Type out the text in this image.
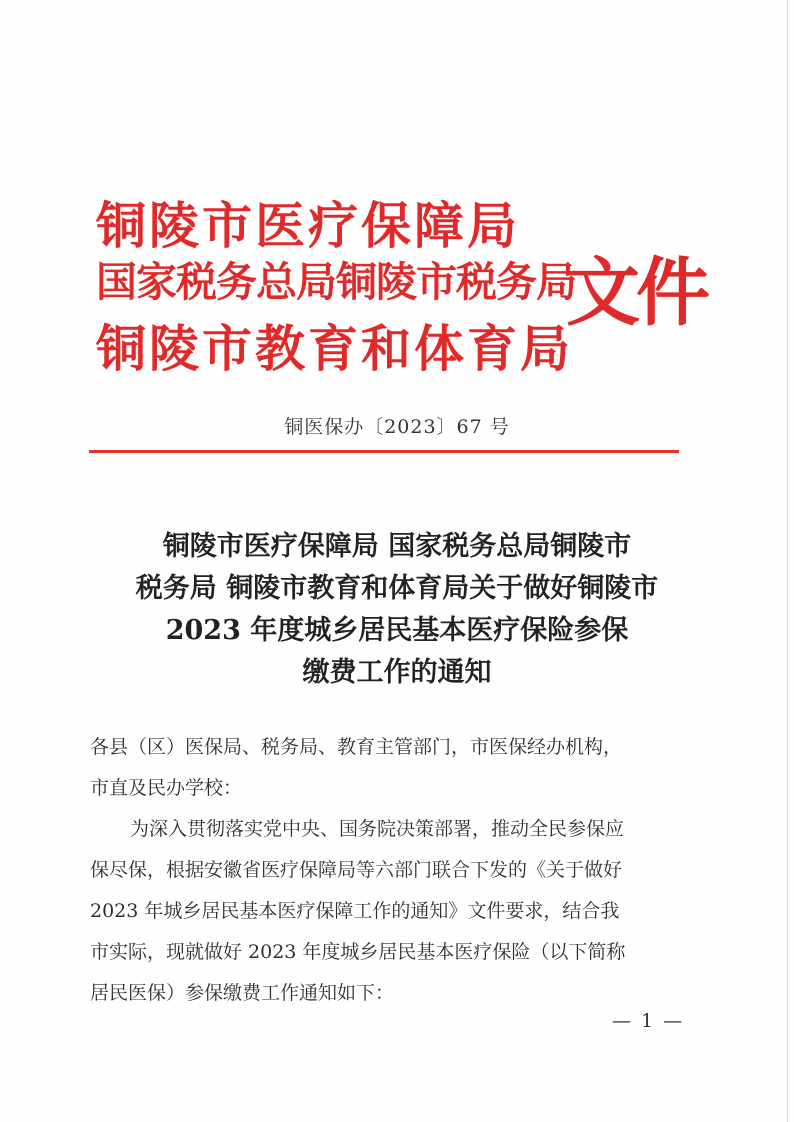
铜陵市医疗保障局
国家税务总局铜陵市税务局
铜陵市教育和体育局
文件
铜医保办〔2023〕67 号
铜陵市医疗保障局 国家税务总局铜陵市
税务局 铜陵市教育和体育局关于做好铜陵市
2023 年度城乡居民基本医疗保险参保
缴费工作的通知

各县（区）医保局、税务局、教育主管部门，市医保经办机构，
市直及民办学校：

为深入贯彻落实党中央、国务院决策部署，推动全民参保应
保尽保，根据安徽省医疗保障局等六部门联合下发的《关于做好
2023 年城乡居民基本医疗保障工作的通知》文件要求，结合我
市实际，现就做好 2023 年度城乡居民基本医疗保险（以下简称
居民医保）参保缴费工作通知如下：

— 1 —
